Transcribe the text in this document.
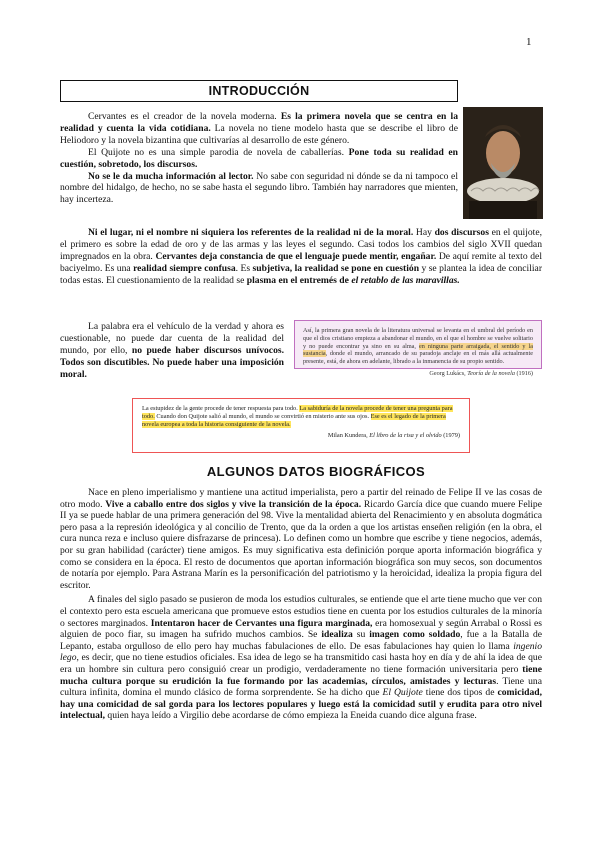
1
INTRODUCCIÓN

Cervantes es el creador de la novela moderna. Es la primera novela que se centra en la realidad y cuenta la vida cotidiana. La novela no tiene modelo hasta que se describe el libro de Heliodoro y la novela bizantina que cultivarías al desarrollo de este género.

El Quijote no es una simple parodia de novela de caballerías. Pone toda su realidad en cuestión, sobretodo, los discursos.

No se le da mucha información al lector. No sabe con seguridad ni dónde se da ni tampoco el nombre del hidalgo, de hecho, no se sabe hasta el segundo libro. También hay narradores que mienten, hay incerteza.

Ni el lugar, ni el nombre ni siquiera los referentes de la realidad ni de la moral. Hay dos discursos en el quijote, el primero es sobre la edad de oro y de las armas y las leyes el segundo. Casi todos los cambios del siglo XVII quedan impregnados en la obra. Cervantes deja constancia de que el lenguaje puede mentir, engañar. De aquí remite al texto del baciyelmo. Es una realidad siempre confusa. Es subjetiva, la realidad se pone en cuestión y se plantea la idea de conciliar todas estas. El cuestionamiento de la realidad se plasma en el entremés de el retablo de las maravillas.

La palabra era el vehículo de la verdad y ahora es cuestionable, no puede dar cuenta de la realidad del mundo, por ello, no puede haber discursos unívocos. Todos son discutibles. No puede haber una imposición moral.

Así, la primera gran novela de la literatura universal se levanta en el umbral del período en que el dios cristiano empieza a abandonar el mundo, en el que el hombre se vuelve solitario y no puede encontrar ya sino en su alma, en ninguna parte arraigada, el sentido y la sustancia, donde el mundo, arrancado de su paradoja anclaje en el más allá actualmente presente, está, de ahora en adelante, librado a la inmanencia de su propio sentido.
Georg Lukács, Teoría de la novela (1916)
La estupidez de la gente procede de tener respuesta para todo. La sabiduría de la novela procede de tener una pregunta para todo. Cuando don Quijote salió al mundo, el mundo se convirtió en misterio ante sus ojos. Ese es el legado de la primera novela europea a toda la historia consiguiente de la novela.
Milan Kundera, El libro de la risa y el olvido (1979)
ALGUNOS DATOS BIOGRÁFICOS

Nace en pleno imperialismo y mantiene una actitud imperialista, pero a partir del reinado de Felipe II ve las cosas de otro modo. Vive a caballo entre dos siglos y vive la transición de la época. Ricardo García dice que cuando muere Felipe II ya se puede hablar de una primera generación del 98. Vive la mentalidad abierta del Renacimiento y en absoluta dogmática pero pasa a la represión ideológica y al concilio de Trento, que da la orden a que los artistas enseñen religión (en la obra, el cura nunca reza e incluso quiere disfrazarse de princesa). Lo definen como un hombre que escribe y tiene negocios, además, por su gran habilidad (carácter) tiene amigos. Es muy significativa esta definición porque aporta información biográfica y como se considera en la época. El resto de documentos que aportan información biográfica son muy secos, son documentos de notaría por ejemplo. Para Astrana Marín es la personificación del patriotismo y la heroicidad, idealiza la propia figura del escritor.

A finales del siglo pasado se pusieron de moda los estudios culturales, se entiende que el arte tiene mucho que ver con el contexto pero esta escuela americana que promueve estos estudios tiene en cuenta por los estudios culturales de la minoría o sectores marginados. Intentaron hacer de Cervantes una figura marginada, era homosexual y según Arrabal o Rossi es alguien de poco fiar, su imagen ha sufrido muchos cambios. Se idealiza su imagen como soldado, fue a la Batalla de Lepanto, estaba orgulloso de ello pero hay muchas fabulaciones de ello. De esas fabulaciones hay quien lo llama ingenio lego, es decir, que no tiene estudios oficiales. Esa idea de lego se ha transmitido casi hasta hoy en día y de ahí la idea de que era un hombre sin cultura pero consiguió crear un prodigio, verdaderamente no tiene formación universitaria pero tiene mucha cultura porque su erudición la fue formando por las academias, círculos, amistades y lecturas. Tiene una cultura infinita, domina el mundo clásico de forma sorprendente. Se ha dicho que El Quijote tiene dos tipos de comicidad, hay una comicidad de sal gorda para los lectores populares y luego está la comicidad sutil y erudita para otro nivel intelectual, quien haya leído a Virgilio debe acordarse de cómo empieza la Eneida cuando dice alguna frase.
